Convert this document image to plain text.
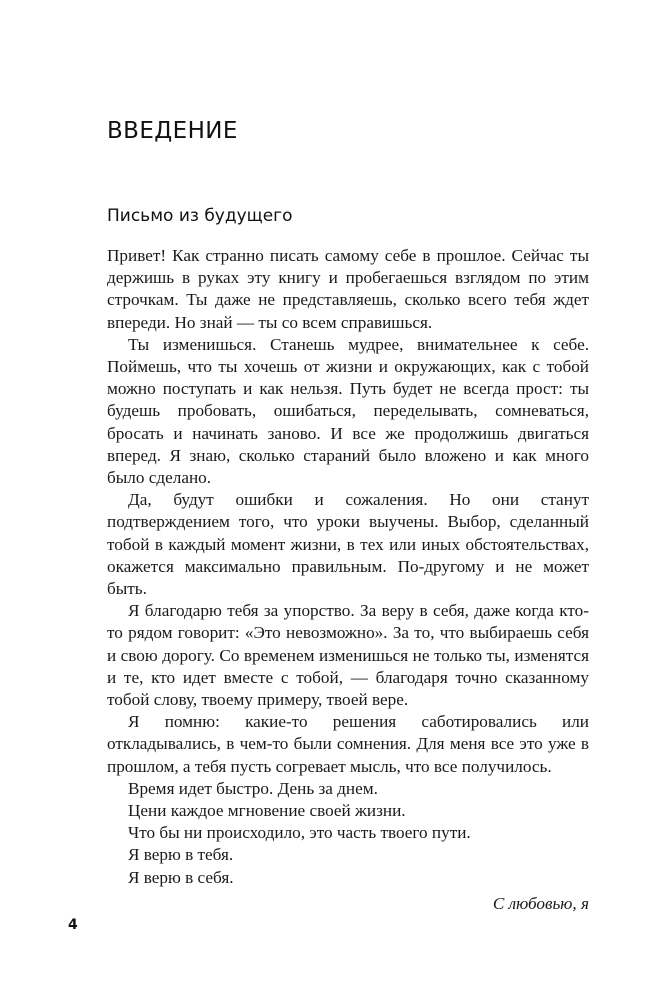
ВВЕДЕНИЕ
Письмо из будущего

Привет! Как странно писать самому себе в прошлое. Сейчас ты держишь в руках эту книгу и пробегаешься взглядом по этим строчкам. Ты даже не представляешь, сколько всего тебя ждет впереди. Но знай — ты со всем справишься.

Ты изменишься. Станешь мудрее, внимательнее к себе. Поймешь, что ты хочешь от жизни и окружающих, как с тобой можно поступать и как нельзя. Путь будет не всегда прост: ты будешь пробовать, ошибаться, переделывать, сомневаться, бросать и начинать заново. И все же продолжишь двигаться вперед. Я знаю, сколько стараний было вложено и как много было сделано.

Да, будут ошибки и сожаления. Но они станут подтверждением того, что уроки выучены. Выбор, сделанный тобой в каждый момент жизни, в тех или иных обстоятельствах, окажется максимально правильным. По-другому и не может быть.

Я благодарю тебя за упорство. За веру в себя, даже когда кто-то рядом говорит: «Это невозможно». За то, что выбираешь себя и свою дорогу. Со временем изменишься не только ты, изменятся и те, кто идет вместе с тобой, — благодаря точно сказанному тобой слову, твоему примеру, твоей вере.

Я помню: какие-то решения саботировались или откладывались, в чем-то были сомнения. Для меня все это уже в прошлом, а тебя пусть согревает мысль, что все получилось.

Время идет быстро. День за днем.

Цени каждое мгновение своей жизни.

Что бы ни происходило, это часть твоего пути.

Я верю в тебя.

Я верю в себя.

С любовью, я

4
